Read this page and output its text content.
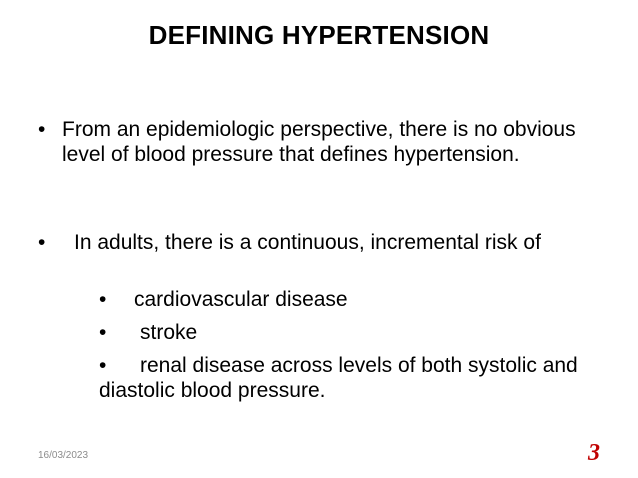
DEFINING HYPERTENSION
• From an epidemiologic perspective, there is no obvious level of blood pressure that defines hypertension.
• In adults, there is a continuous, incremental risk of
• cardiovascular disease
• stroke
•	renal disease across levels of both systolic and diastolic blood pressure.
16/03/2023	3
